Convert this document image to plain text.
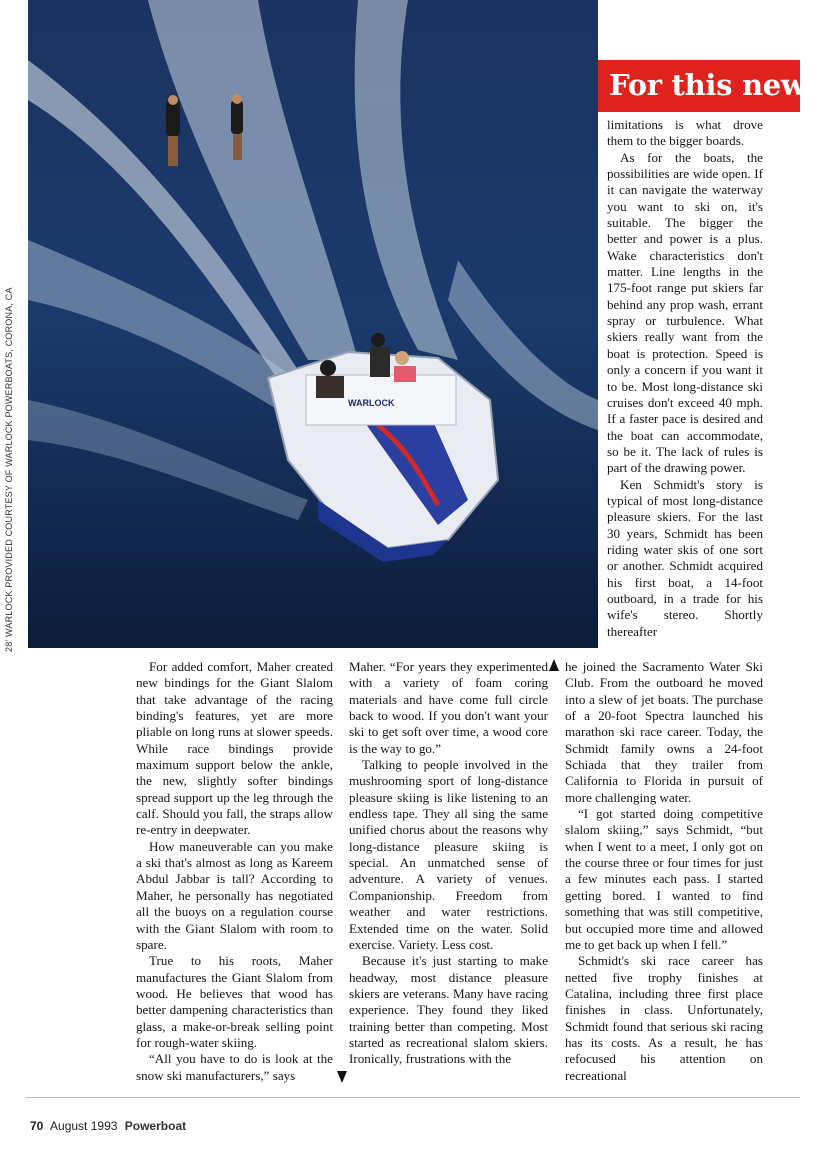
WARLOCK
28' WARLOCK PROVIDED COURTESY OF WARLOCK POWERBOATS, CORONA, CA
For this new b

limitations is what drove them to the bigger boards.

As for the boats, the possibilities are wide open. If it can navigate the waterway you want to ski on, it's suitable. The bigger the better and power is a plus. Wake characteristics don't matter. Line lengths in the 175-foot range put skiers far behind any prop wash, errant spray or turbulence. What skiers really want from the boat is protection. Speed is only a concern if you want it to be. Most long-distance ski cruises don't exceed 40 mph. If a faster pace is desired and the boat can accommodate, so be it. The lack of rules is part of the drawing power.

Ken Schmidt's story is typical of most long-distance pleasure skiers. For the last 30 years, Schmidt has been riding water skis of one sort or another. Schmidt acquired his first boat, a 14-foot outboard, in a trade for his wife's stereo. Shortly thereafter

For added comfort, Maher created new bindings for the Giant Slalom that take advantage of the racing binding's features, yet are more pliable on long runs at slower speeds. While race bindings provide maximum support below the ankle, the new, slightly softer bindings spread support up the leg through the calf. Should you fall, the straps allow re-entry in deepwater.

How maneuverable can you make a ski that's almost as long as Kareem Abdul Jabbar is tall? According to Maher, he personally has negotiated all the buoys on a regulation course with the Giant Slalom with room to spare.

True to his roots, Maher manufactures the Giant Slalom from wood. He believes that wood has better dampening characteristics than glass, a make-or-break selling point for rough-water skiing.

“All you have to do is look at the snow ski manufacturers,” says

Maher. “For years they experimented with a variety of foam coring materials and have come full circle back to wood. If you don't want your ski to get soft over time, a wood core is the way to go.”

Talking to people involved in the mushrooming sport of long-distance pleasure skiing is like listening to an endless tape. They all sing the same unified chorus about the reasons why long-distance pleasure skiing is special. An unmatched sense of adventure. A variety of venues. Companionship. Freedom from weather and water restrictions. Extended time on the water. Solid exercise. Variety. Less cost.

Because it's just starting to make headway, most distance pleasure skiers are veterans. Many have racing experience. They found they liked training better than competing. Most started as recreational slalom skiers. Ironically, frustrations with the

he joined the Sacramento Water Ski Club. From the outboard he moved into a slew of jet boats. The purchase of a 20-foot Spectra launched his marathon ski race career. Today, the Schmidt family owns a 24-foot Schiada that they trailer from California to Florida in pursuit of more challenging water.

“I got started doing competitive slalom skiing,” says Schmidt, “but when I went to a meet, I only got on the course three or four times for just a few minutes each pass. I started getting bored. I wanted to find something that was still competitive, but occupied more time and allowed me to get back up when I fell.”

Schmidt's ski race career has netted five trophy finishes at Catalina, including three first place finishes in class. Unfortunately, Schmidt found that serious ski racing has its costs. As a result, he has refocused his attention on recreational

70 August 1993 Powerboat
